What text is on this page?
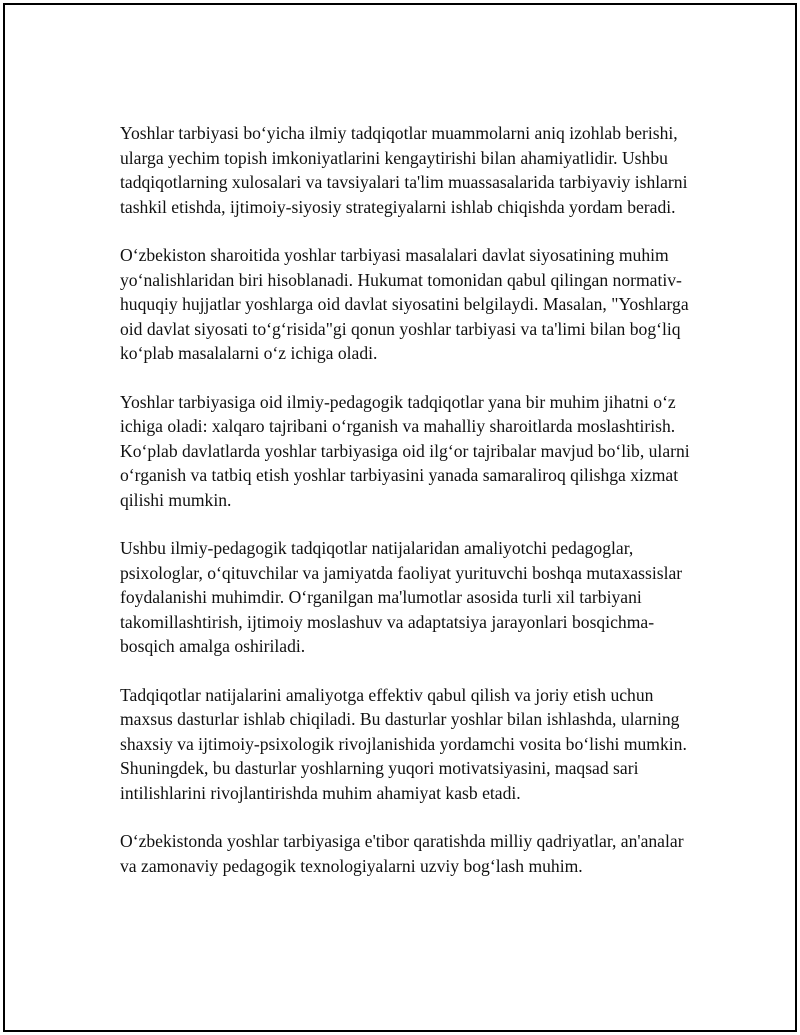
Yoshlar tarbiyasi bo‘yicha ilmiy tadqiqotlar muammolarni aniq izohlab berishi, ularga yechim topish imkoniyatlarini kengaytirishi bilan ahamiyatlidir. Ushbu tadqiqotlarning xulosalari va tavsiyalari ta'lim muassasalarida tarbiyaviy ishlarni tashkil etishda, ijtimoiy-siyosiy strategiyalarni ishlab chiqishda yordam beradi.

O‘zbekiston sharoitida yoshlar tarbiyasi masalalari davlat siyosatining muhim yo‘nalishlaridan biri hisoblanadi. Hukumat tomonidan qabul qilingan normativ-huquqiy hujjatlar yoshlarga oid davlat siyosatini belgilaydi. Masalan, "Yoshlarga oid davlat siyosati to‘g‘risida"gi qonun yoshlar tarbiyasi va ta'limi bilan bog‘liq ko‘plab masalalarni o‘z ichiga oladi.

Yoshlar tarbiyasiga oid ilmiy-pedagogik tadqiqotlar yana bir muhim jihatni o‘z ichiga oladi: xalqaro tajribani o‘rganish va mahalliy sharoitlarda moslashtirish. Ko‘plab davlatlarda yoshlar tarbiyasiga oid ilg‘or tajribalar mavjud bo‘lib, ularni o‘rganish va tatbiq etish yoshlar tarbiyasini yanada samaraliroq qilishga xizmat qilishi mumkin.

Ushbu ilmiy-pedagogik tadqiqotlar natijalaridan amaliyotchi pedagoglar, psixologlar, o‘qituvchilar va jamiyatda faoliyat yurituvchi boshqa mutaxassislar foydalanishi muhimdir. O‘rganilgan ma'lumotlar asosida turli xil tarbiyani takomillashtirish, ijtimoiy moslashuv va adaptatsiya jarayonlari bosqichma-bosqich amalga oshiriladi.

Tadqiqotlar natijalarini amaliyotga effektiv qabul qilish va joriy etish uchun maxsus dasturlar ishlab chiqiladi. Bu dasturlar yoshlar bilan ishlashda, ularning shaxsiy va ijtimoiy-psixologik rivojlanishida yordamchi vosita bo‘lishi mumkin. Shuningdek, bu dasturlar yoshlarning yuqori motivatsiyasini, maqsad sari intilishlarini rivojlantirishda muhim ahamiyat kasb etadi.

O‘zbekistonda yoshlar tarbiyasiga e'tibor qaratishda milliy qadriyatlar, an'analar va zamonaviy pedagogik texnologiyalarni uzviy bog‘lash muhim.
